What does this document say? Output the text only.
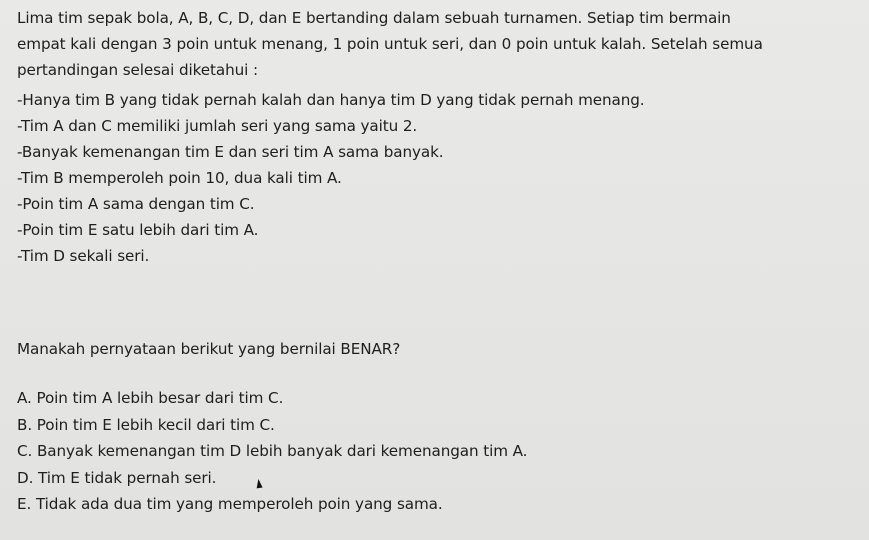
Lima tim sepak bola, A, B, C, D, dan E bertanding dalam sebuah turnamen. Setiap tim bermain
empat kali dengan 3 poin untuk menang, 1 poin untuk seri, dan 0 poin untuk kalah. Setelah semua
pertandingan selesai diketahui :
-Hanya tim B yang tidak pernah kalah dan hanya tim D yang tidak pernah menang.
-Tim A dan C memiliki jumlah seri yang sama yaitu 2.
-Banyak kemenangan tim E dan seri tim A sama banyak.
-Tim B memperoleh poin 10, dua kali tim A.
-Poin tim A sama dengan tim C.
-Poin tim E satu lebih dari tim A.
-Tim D sekali seri.
Manakah pernyataan berikut yang bernilai BENAR?
A. Poin tim A lebih besar dari tim C.
B. Poin tim E lebih kecil dari tim C.
C. Banyak kemenangan tim D lebih banyak dari kemenangan tim A.
D. Tim E tidak pernah seri.
E. Tidak ada dua tim yang memperoleh poin yang sama.
